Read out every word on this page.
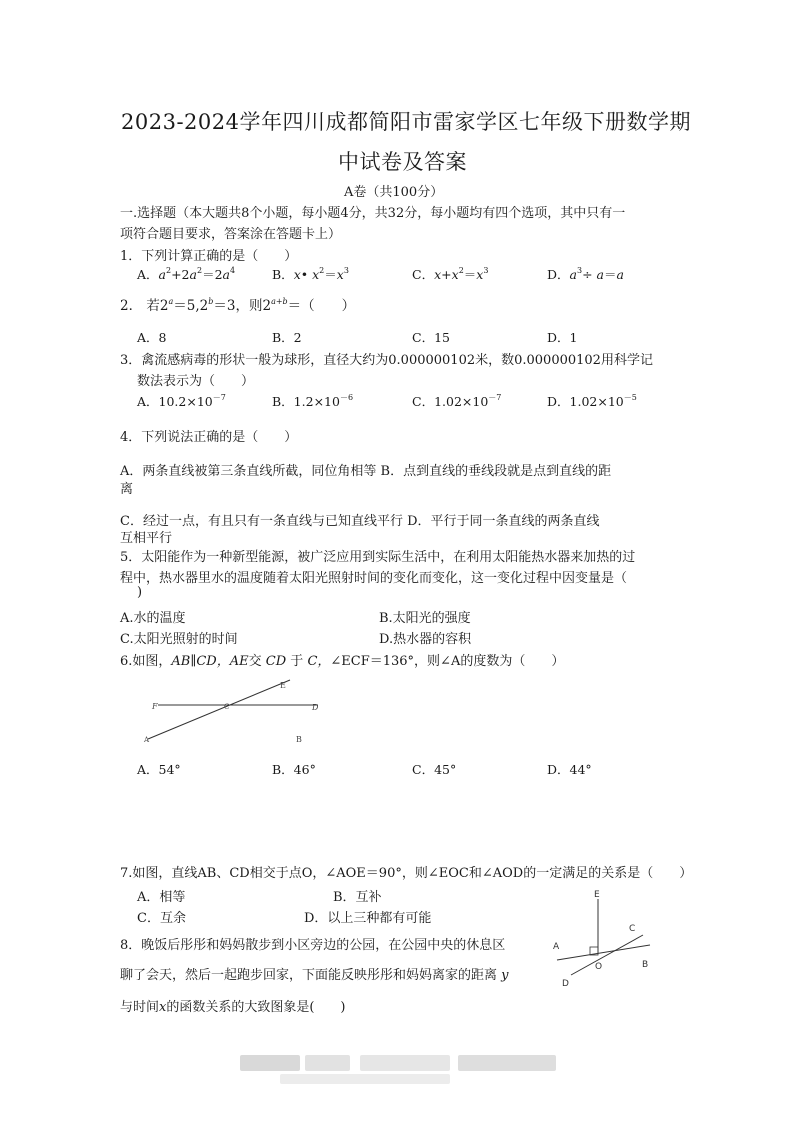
2023-2024学年四川成都简阳市雷家学区七年级下册数学期
中试卷及答案
A卷（共100分）
一.选择题（本大题共8个小题，每小题4分，共32分，每小题均有四个选项，其中只有一
项符合题目要求，答案涂在答题卡上）
1．下列计算正确的是（　　）
A．$a^2+2a^2=2a^4$	B．x• $x^2=x^3$	C．$x+x^2=x^3$	D．$a^3\div a=a$
2． 若$2^a=5,2^b=3$，则$2^{a+b}=$（　　）
A．8	B．2	C．15	D．1
3．禽流感病毒的形状一般为球形，直径大约为0.000000102米，数0.000000102用科学记
数法表示为（　　）
A．$10.2\times 10^{-7}$	B．$1.2\times 10^{-6}$	C．$1.02\times 10^{-7}$	D．$1.02\times 10^{-5}$
4．下列说法正确的是（　　）
A．两条直线被第三条直线所截，同位角相等 B．点到直线的垂线段就是点到直线的距
离
C．经过一点，有且只有一条直线与已知直线平行 D．平行于同一条直线的两条直线
互相平行
5．太阳能作为一种新型能源，被广泛应用到实际生活中，在利用太阳能热水器来加热的过
程中，热水器里水的温度随着太阳光照射时间的变化而变化，这一变化过程中因变量是（
)
A.水的温度	B.太阳光的强度
C.太阳光照射的时间	D.热水器的容积
6.如图，AB∥CD，AE交 CD 于 C，∠ECF＝136°，则∠A的度数为（　　）
F	D
C
E
A	B
A．54°	B．46°	C．45°	D．44°
7.如图，直线AB、CD相交于点O，∠AOE＝90°，则∠EOC和∠AOD的一定满足的关系是（　　）
A．相等	B．互补
C．互余	D．以上三种都有可能
E
C
A
O	B
D
8．晚饭后彤彤和妈妈散步到小区旁边的公园，在公园中央的休息区
聊了会天，然后一起跑步回家，下面能反映彤彤和妈妈离家的距离 y
与时间x的函数关系的大致图象是(　　)
